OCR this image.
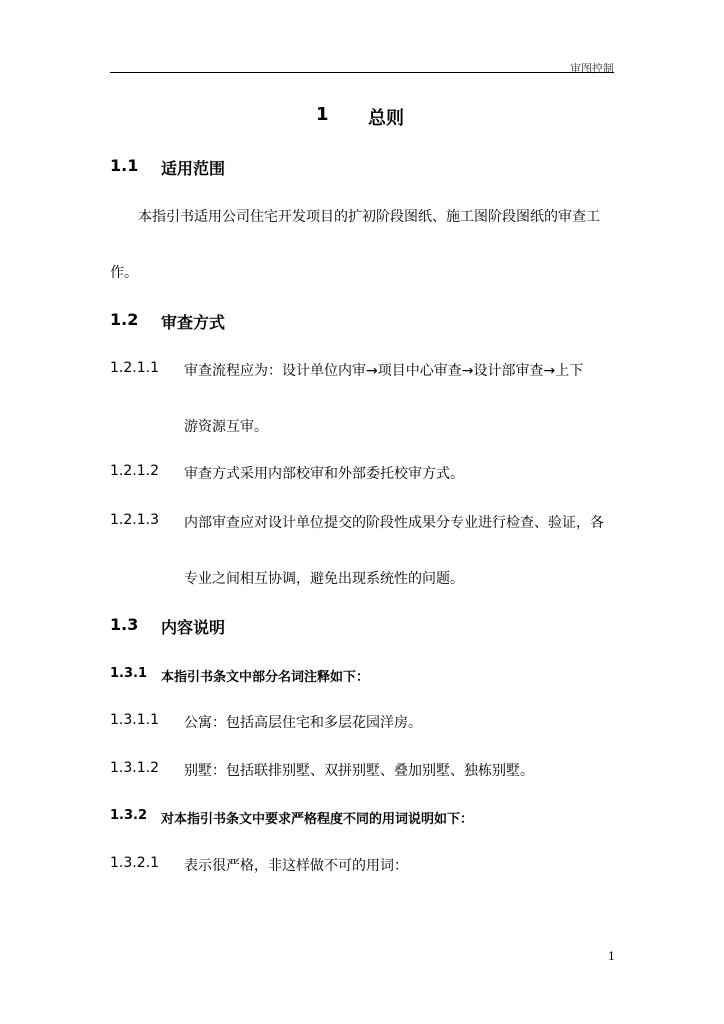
审图控制
1 总则
1.1 适用范围
本指引书适用公司住宅开发项目的扩初阶段图纸、施工图阶段图纸的审查工
作。
1.2 审查方式
1.2.1.1 审查流程应为：设计单位内审→项目中心审查→设计部审查→上下
游资源互审。
1.2.1.2 审查方式采用内部校审和外部委托校审方式。
1.2.1.3 内部审查应对设计单位提交的阶段性成果分专业进行检查、验证，各
专业之间相互协调，避免出现系统性的问题。
1.3 内容说明
1.3.1 本指引书条文中部分名词注释如下：
1.3.1.1 公寓：包括高层住宅和多层花园洋房。
1.3.1.2 别墅：包括联排别墅、双拼别墅、叠加别墅、独栋别墅。
1.3.2 对本指引书条文中要求严格程度不同的用词说明如下：
1.3.2.1 表示很严格，非这样做不可的用词：
1
